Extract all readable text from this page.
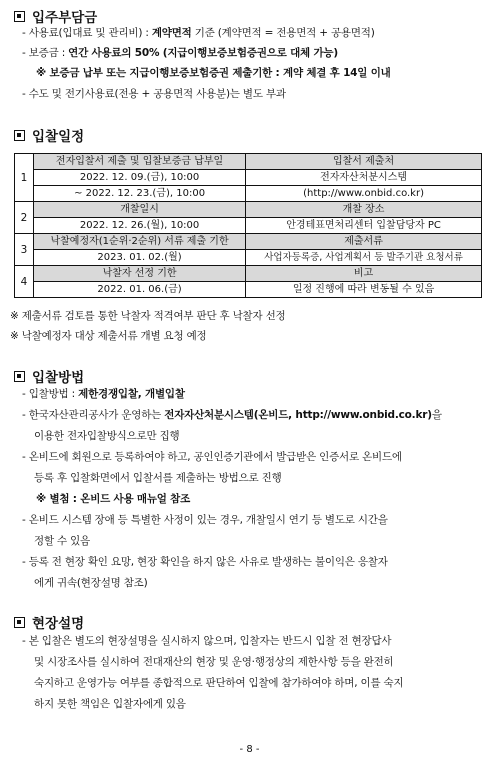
입주부담금
- 사용료(입대료 및 관리비) : 계약면적 기준 (계약면적 = 전용면적 + 공용면적)
- 보증금 : 연간 사용료의 50% (지급이행보증보험증권으로 대체 가능)
※ 보증금 납부 또는 지급이행보증보험증권 제출기한 : 계약 체결 후 14일 이내
- 수도 및 전기사용료(전용 + 공용면적 사용분)는 별도 부과
입찰일정
1	전자입찰서 제출 및 입찰보증금 납부일	입찰서 제출처
	2022. 12. 09.(금), 10:00	전자자산처분시스템
	~ 2022. 12. 23.(금), 10:00	(http://www.onbid.co.kr)
2	개찰일시	개찰 장소
	2022. 12. 26.(월), 10:00	안경테표면처리센터 입찰담당자 PC
3	낙찰예정자(1순위·2순위) 서류 제출 기한	제출서류
	2023. 01. 02.(월)	사업자등록증, 사업계획서 등 발주기관 요청서류
4	낙찰자 선정 기한	비고
	2022. 01. 06.(금)	일정 진행에 따라 변동될 수 있음
※ 제출서류 검토를 통한 낙찰자 적격여부 판단 후 낙찰자 선정
※ 낙찰예정자 대상 제출서류 개별 요청 예정
입찰방법
- 입찰방법 : 제한경쟁입찰, 개별입찰
- 한국자산관리공사가 운영하는 전자자산처분시스템(온비드, http://www.onbid.co.kr)을
이용한 전자입찰방식으로만 집행
- 온비드에 회원으로 등록하여야 하고, 공인인증기관에서 발급받은 인증서로 온비드에
등록 후 입찰화면에서 입찰서를 제출하는 방법으로 진행
※ 별첨 : 온비드 사용 매뉴얼 참조
- 온비드 시스템 장애 등 특별한 사정이 있는 경우, 개찰일시 연기 등 별도로 시간을
정할 수 있음
- 등록 전 현장 확인 요망, 현장 확인을 하지 않은 사유로 발생하는 불이익은 응찰자
에게 귀속(현장설명 참조)
현장설명
- 본 입찰은 별도의 현장설명을 실시하지 않으며, 입찰자는 반드시 입찰 전 현장답사
및 시장조사를 실시하여 전대재산의 현장 및 운영·행정상의 제한사항 등을 완전히
숙지하고 운영가능 여부를 종합적으로 판단하여 입찰에 참가하여야 하며, 이를 숙지
하지 못한 책임은 입찰자에게 있음
- 8 -
